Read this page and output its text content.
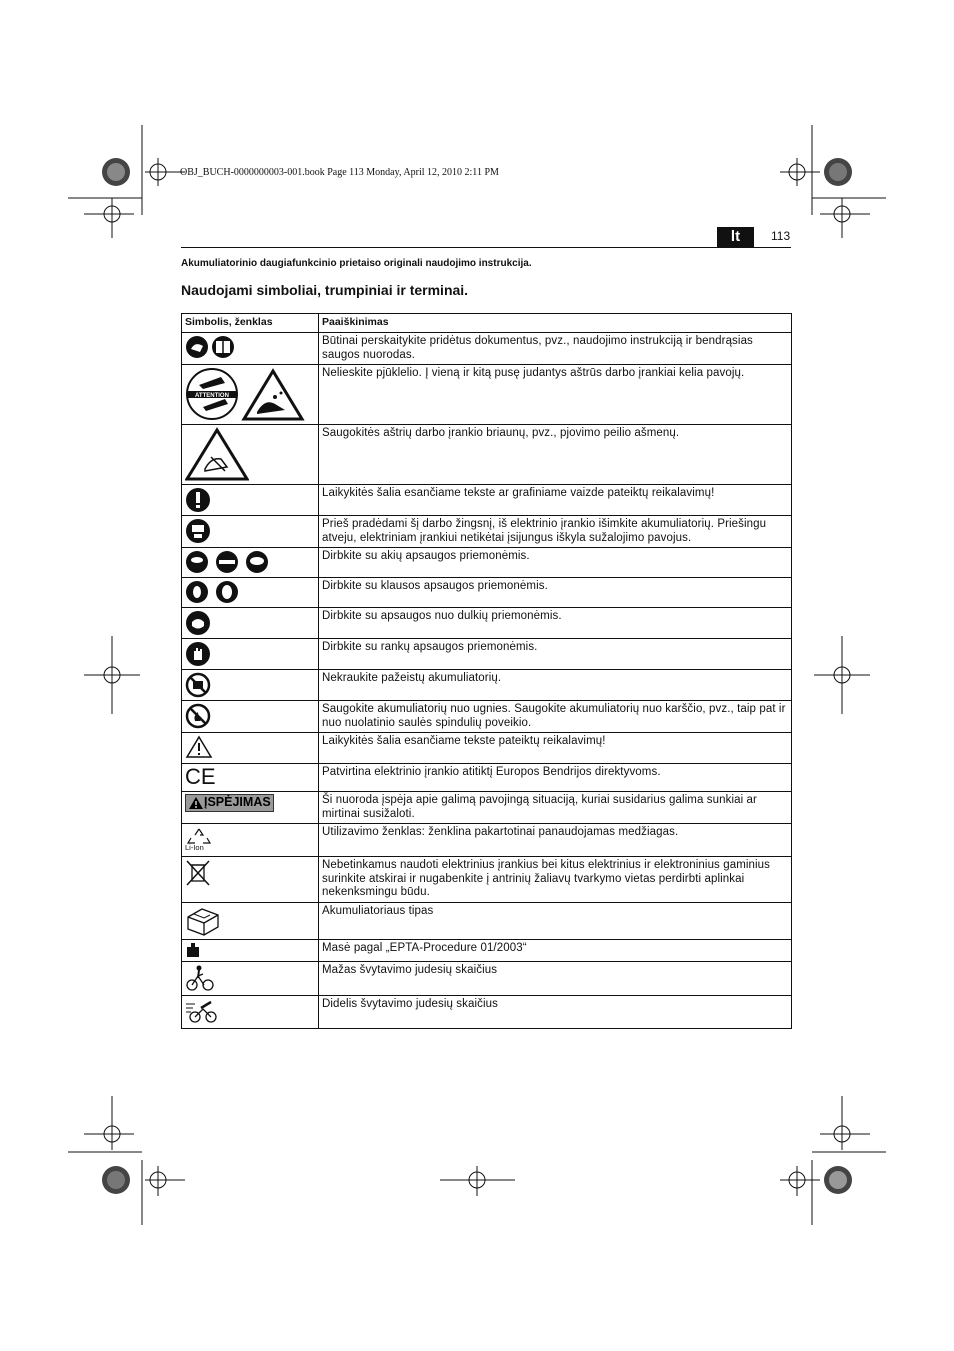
OBJ_BUCH-0000000003-001.book Page 113 Monday, April 12, 2010 2:11 PM
lt	113
Akumuliatorinio daugiafunkcinio prietaiso originali naudojimo instrukcija.
Naudojami simboliai, trumpiniai ir terminai.
Simbolis, ženklas	Paaiškinimas
	Būtinai perskaitykite pridėtus dokumentus, pvz., naudojimo instrukciją ir bendrąsias saugos nuorodas.

ATTENTION	Nelieskite pjūklelio. Į vieną ir kitą pusę judantys aštrūs darbo įrankiai kelia pavojų.
	Saugokitės aštrių darbo įrankio briaunų, pvz., pjovimo peilio ašmenų.
	Laikykitės šalia esančiame tekste ar grafiniame vaizde pateiktų reikalavimų!
	Prieš pradėdami šį darbo žingsnį, iš elektrinio įrankio išimkite akumuliatorių. Priešingu atveju, elektriniam įrankiui netikėtai įsijungus iškyla sužalojimo pavojus.
	Dirbkite su akių apsaugos priemonėmis.
	Dirbkite su klausos apsaugos priemonėmis.
	Dirbkite su apsaugos nuo dulkių priemonėmis.
	Dirbkite su rankų apsaugos priemonėmis.
	Nekraukite pažeistų akumuliatorių.
	Saugokite akumuliatorių nuo ugnies. Saugokite akumuliatorių nuo karščio, pvz., taip pat ir nuo nuolatinio saulės spindulių poveikio.
	Laikykitės šalia esančiame tekste pateiktų reikalavimų!
CE	Patvirtina elektrinio įrankio atitiktį Europos Bendrijos direktyvoms.

ĮSPĖJIMAS	Ši nuoroda įspėja apie galimą pavojingą situaciją, kuriai susidarius galima sunkiai ar mirtinai susižaloti.

Li-Ion	Utilizavimo ženklas: ženklina pakartotinai panaudojamas medžiagas.
	Nebetinkamus naudoti elektrinius įrankius bei kitus elektrinius ir elektroninius gaminius surinkite atskirai ir nugabenkite į antrinių žaliavų tvarkymo vietas perdirbti aplinkai nekenksmingu būdu.
	Akumuliatoriaus tipas
	Masė pagal „EPTA-Procedure 01/2003“
	Mažas švytavimo judesių skaičius
	Didelis švytavimo judesių skaičius
